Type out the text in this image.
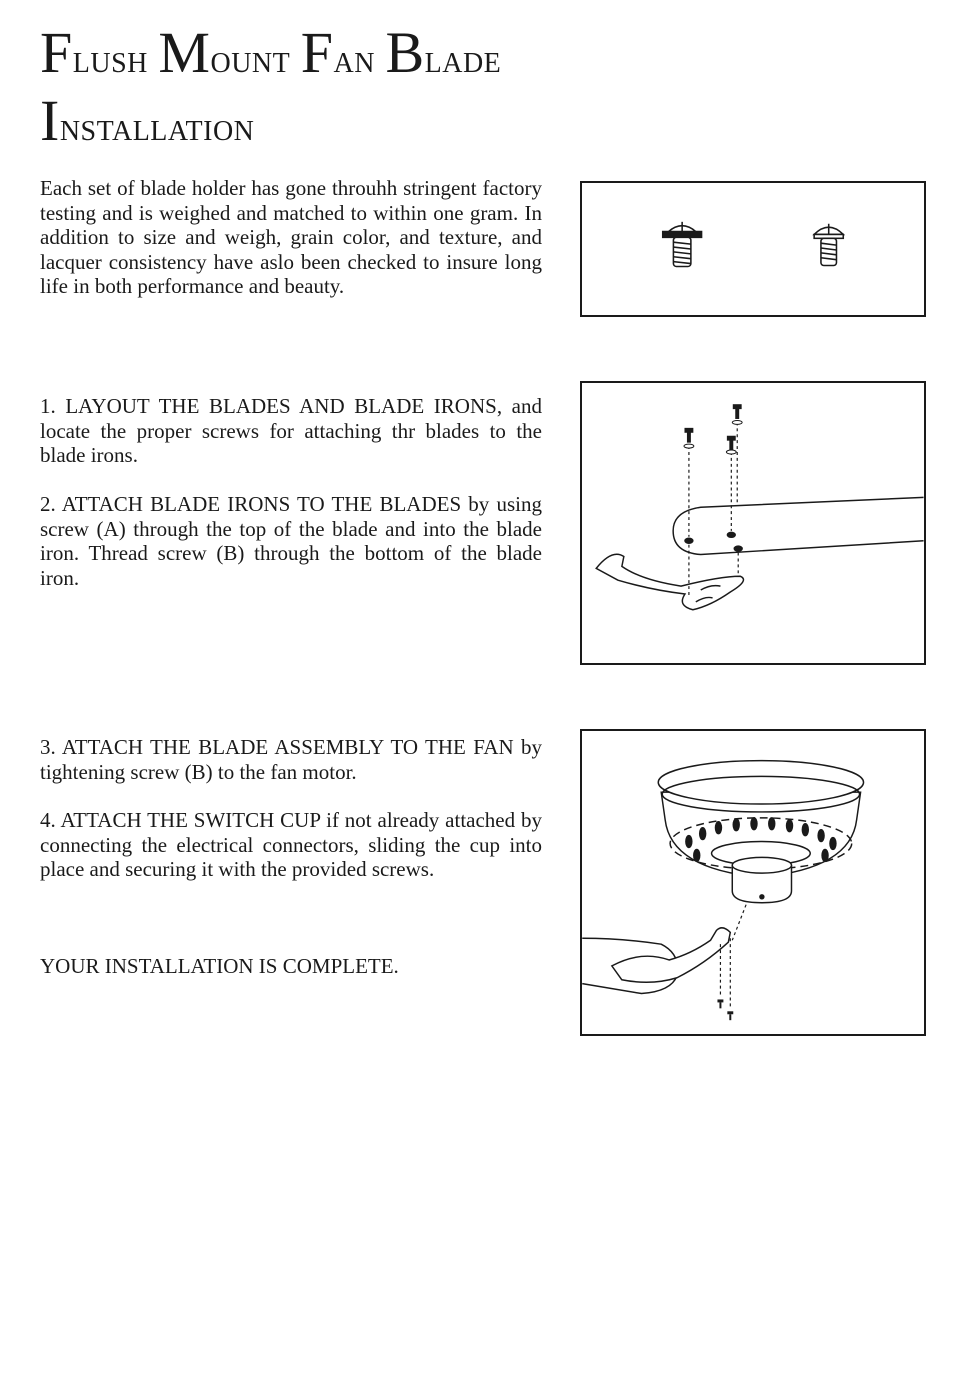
Flush Mount Fan Blade
Installation

Each set of blade holder has gone throuhh stringent factory testing and is weighed and matched to within one gram. In addition to size and weigh, grain color, and texture, and lacquer consistency have aslo been checked to insure long life in both performance and beauty.

1. LAYOUT THE BLADES AND BLADE IRONS, and locate the proper screws for attaching thr blades to the blade irons.

2. ATTACH BLADE IRONS TO THE BLADES by using screw (A) through the top of the blade and into the blade iron. Thread screw (B) through the bottom of the blade iron.

3. ATTACH THE BLADE ASSEMBLY TO THE FAN by tightening screw (B) to the fan motor.

4. ATTACH THE SWITCH CUP if not already attached by connecting the electrical connectors, sliding the cup into place and securing it with the provided screws.

YOUR INSTALLATION IS COMPLETE.
